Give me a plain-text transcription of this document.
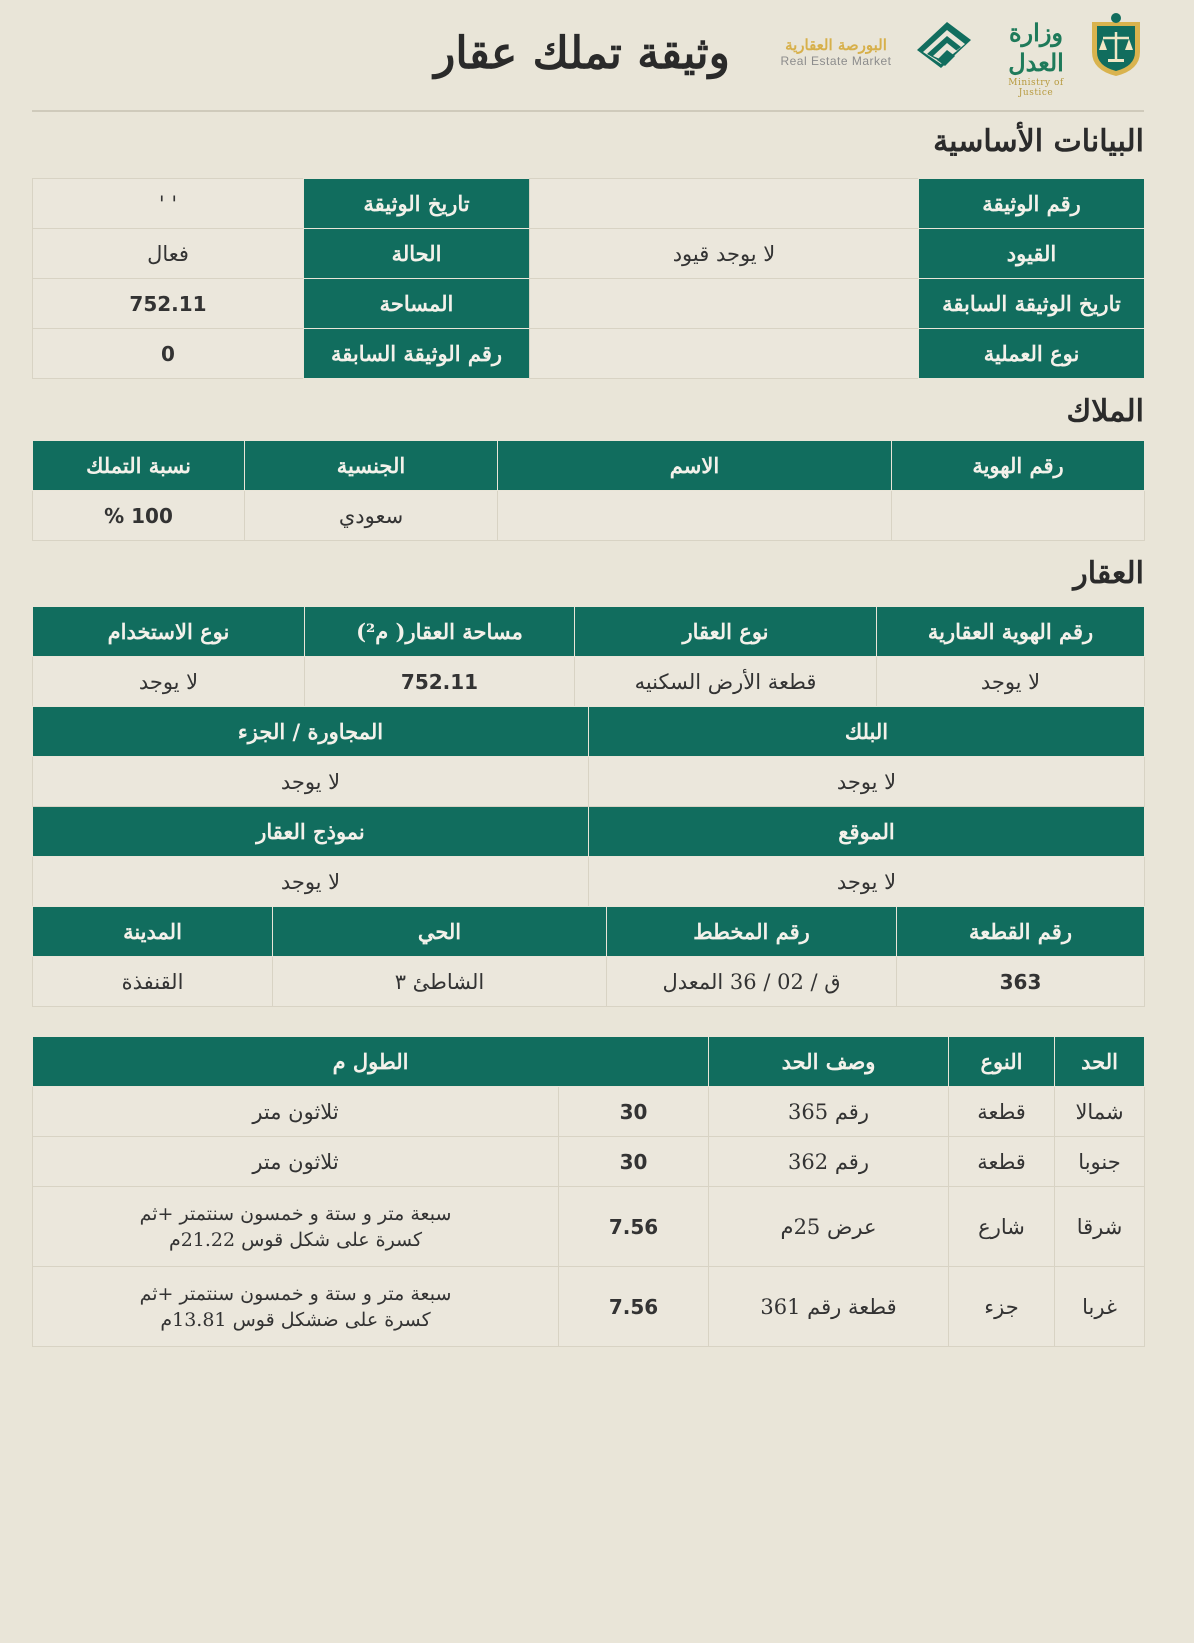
وثيقة تملك عقار	البورصة العقارية
Real Estate Market
وزارة العدل
Ministry of Justice
البيانات الأساسية
رقم الوثيقة		تاريخ الوثيقة	' '
القيود	لا يوجد قيود	الحالة	فعال
تاريخ الوثيقة السابقة		المساحة	752.11
نوع العملية		رقم الوثيقة السابقة	0
الملاك
رقم الهوية	الاسم	الجنسية	نسبة التملك
		سعودي	100 %
العقار
رقم الهوية العقارية	نوع العقار	مساحة العقار( م²)	نوع الاستخدام
لا يوجد	قطعة الأرض السكنيه	752.11	لا يوجد
البلك	المجاورة / الجزء
لا يوجد	لا يوجد
الموقع	نموذج العقار
لا يوجد	لا يوجد
رقم القطعة	رقم المخطط	الحي	المدينة
363	ق / 02 / 36 المعدل	الشاطئ ٣	القنفذة
الحد	النوع	وصف الحد	الطول م	
شمالا	قطعة	رقم 365	30	ثلاثون متر
جنوبا	قطعة	رقم 362	30	ثلاثون متر
شرقا	شارع	عرض 25م	7.56	سبعة متر و ستة و خمسون سنتمتر +ثم كسرة على شكل قوس 21.22م
غربا	جزء	قطعة رقم 361	7.56	سبعة متر و ستة و خمسون سنتمتر +ثم كسرة على ضشكل قوس 13.81م
